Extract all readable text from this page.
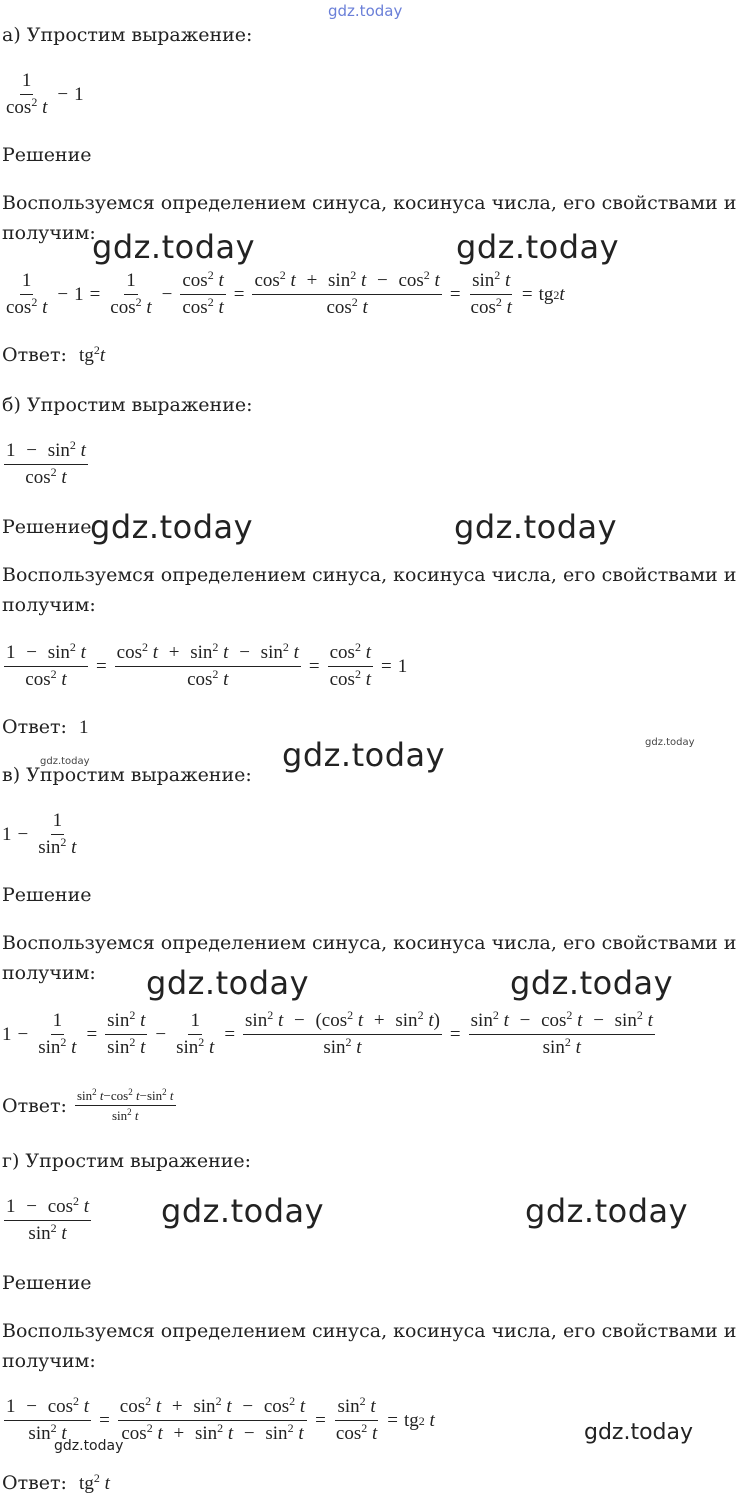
gdz.today
gdz.today	gdz.today
gdz.today	gdz.today
gdz.today	gdz.today
gdz.today
gdz.today	gdz.today
gdz.today	gdz.today
gdz.today
gdz.today
а) Упростим выражение:
$\frac{1}{\cos^2 t} - 1$
Решение
Воспользуемся определением синуса, косинуса числа, его свойствами и
получим:
$\frac{1}{\cos^2 t} - 1 = \frac{1}{\cos^2 t} - \frac{\cos^2 t}{\cos^2 t} = \frac{\cos^2 t + \sin^2 t - \cos^2 t}{\cos^2 t} = \frac{\sin^2 t}{\cos^2 t}$ = tg 2 t
Ответ: $tg^2t$
б) Упростим выражение:
$\frac{1 - \sin^2 t}{\cos^2 t}$
Решение
Воспользуемся определением синуса, косинуса числа, его свойствами и
получим:
$\frac{1 - \sin^2 t}{\cos^2 t} = \frac{\cos^2 t + \sin^2 t - \sin^2 t}{\cos^2 t} = \frac{\cos^2 t}{\cos^2 t} = 1$
Ответ: 1
в) Упростим выражение:
$1 - \frac{1}{\sin^2 t}$
Решение
Воспользуемся определением синуса, косинуса числа, его свойствами и
получим:
$1 - \frac{1}{\sin^2 t} = \frac{\sin^2 t}{\sin^2 t} - \frac{1}{\sin^2 t} = \frac{\sin^2 t - (\cos^2 t + \sin^2 t)}{\sin^2 t} = \frac{\sin^2 t - \cos^2 t - \sin^2 t}{\sin^2 t}$
Ответ:
$\frac{\sin^2 t-\cos^2 t-\sin^2 t}{\sin^2 t}$
г) Упростим выражение:
$\frac{1 - \cos^2 t}{\sin^2 t}$
Решение
Воспользуемся определением синуса, косинуса числа, его свойствами и
получим:
$\frac{1 - \cos^2 t}{\sin^2 t} = \frac{\cos^2 t + \sin^2 t - \cos^2 t}{\cos^2 t + \sin^2 t - \sin^2 t} = \frac{\sin^2 t}{\cos^2 t}$ = tg 2
t
Ответ: $tg^2$ t
